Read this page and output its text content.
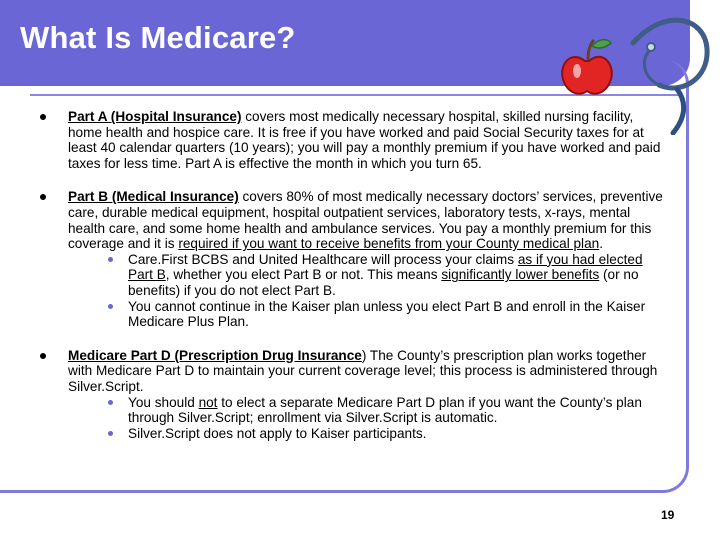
What Is Medicare?
Part A (Hospital Insurance) covers most medically necessary hospital, skilled nursing facility, home health and hospice care. It is free if you have worked and paid Social Security taxes for at least 40 calendar quarters (10 years); you will pay a monthly premium if you have worked and paid taxes for less time. Part A is effective the month in which you turn 65.
Part B (Medical Insurance) covers 80% of most medically necessary doctors’ services, preventive care, durable medical equipment, hospital outpatient services, laboratory tests, x-rays, mental health care, and some home health and ambulance services. You pay a monthly premium for this coverage and it is required if you want to receive benefits from your County medical plan.
Care.First BCBS and United Healthcare will process your claims as if you had elected Part B, whether you elect Part B or not. This means significantly lower benefits (or no benefits) if you do not elect Part B.
You cannot continue in the Kaiser plan unless you elect Part B and enroll in the Kaiser Medicare Plus Plan.
Medicare Part D (Prescription Drug Insurance) The County’s prescription plan works together with Medicare Part D to maintain your current coverage level; this process is administered through Silver.Script.
You should not to elect a separate Medicare Part D plan if you want the County’s plan through Silver.Script; enrollment via Silver.Script is automatic.
Silver.Script does not apply to Kaiser participants.
19
